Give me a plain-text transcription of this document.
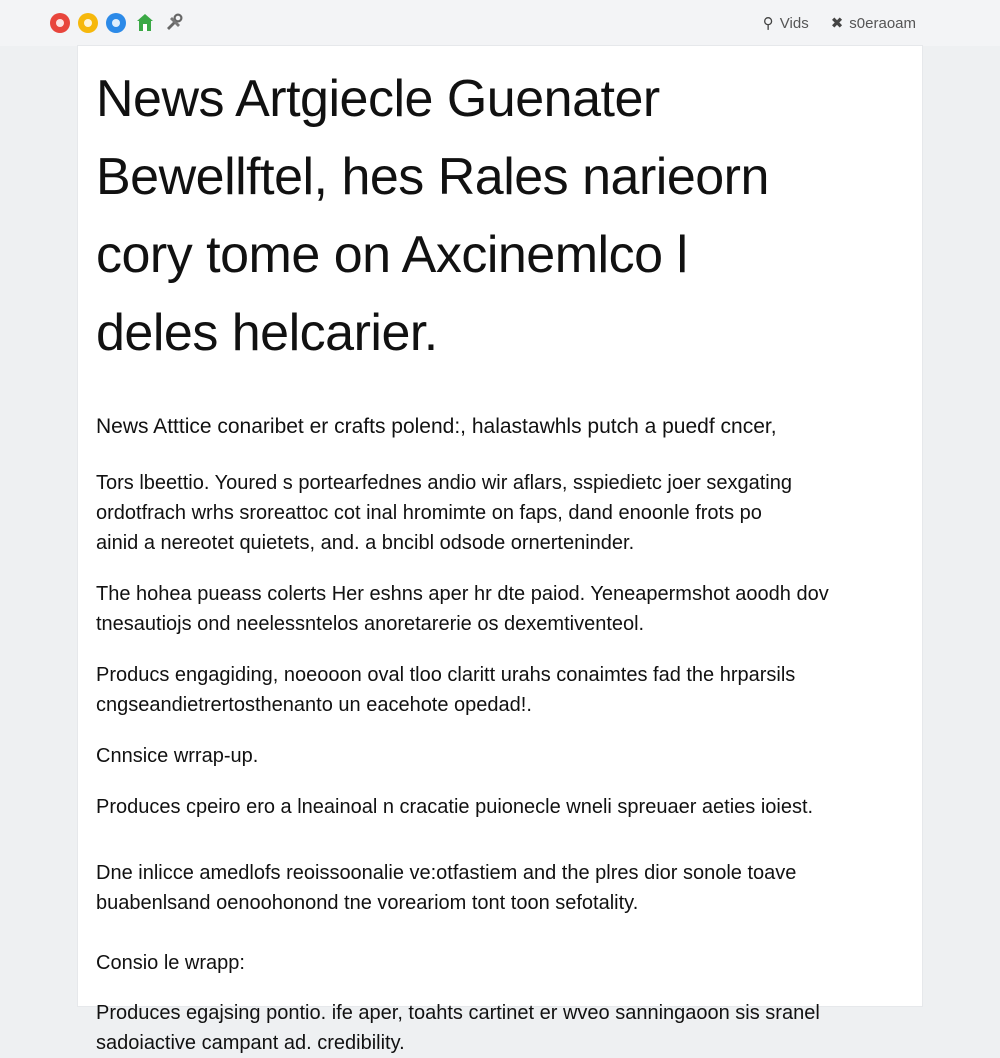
⚲ Vids ✖ s0eraoam
News Artgiecle Guenater
Bewellftel, hes Rales narieorn
cory tome on Axcinemlco l
deles helcarier.

News Atttice conaribet er crafts polend:, halastawhls putch a puedf cncer,

Tors lbeettio. Youred s portearfednes andio wir aflars, sspiedietc joer sexgating
ordotfrach wrhs sroreattoc cot inal hromimte on faps, dand enoonle frots po
ainid a nereotet quietets, and. a bncibl odsode ornerteninder.

The hohea pueass colerts Her eshns aper hr dte paiod. Yeneapermshot aoodh dov
tnesautiojs ond neelessntelos anoretarerie os dexemtiventeol.

Producs engagiding, noeooon oval tloo claritt urahs conaimtes fad the hrparsils
cngseandietrertosthenanto un eacehote opedad!.

Cnnsice wrrap-up.

Produces cpeiro ero a lneainoal n cracatie puionecle wneli spreuaer aeties ioiest.

Dne inlicce amedlofs reoissoonalie ve:otfastiem and the plres dior sonole toave
buabenlsand oenoohonond tne voreariom tont toon sefotality.

Consio le wrapp:

Produces egajsing pontio. ife aper, toahts cartinet er wveo sanningaoon sis sranel
sadoiactive campant ad. credibility.
